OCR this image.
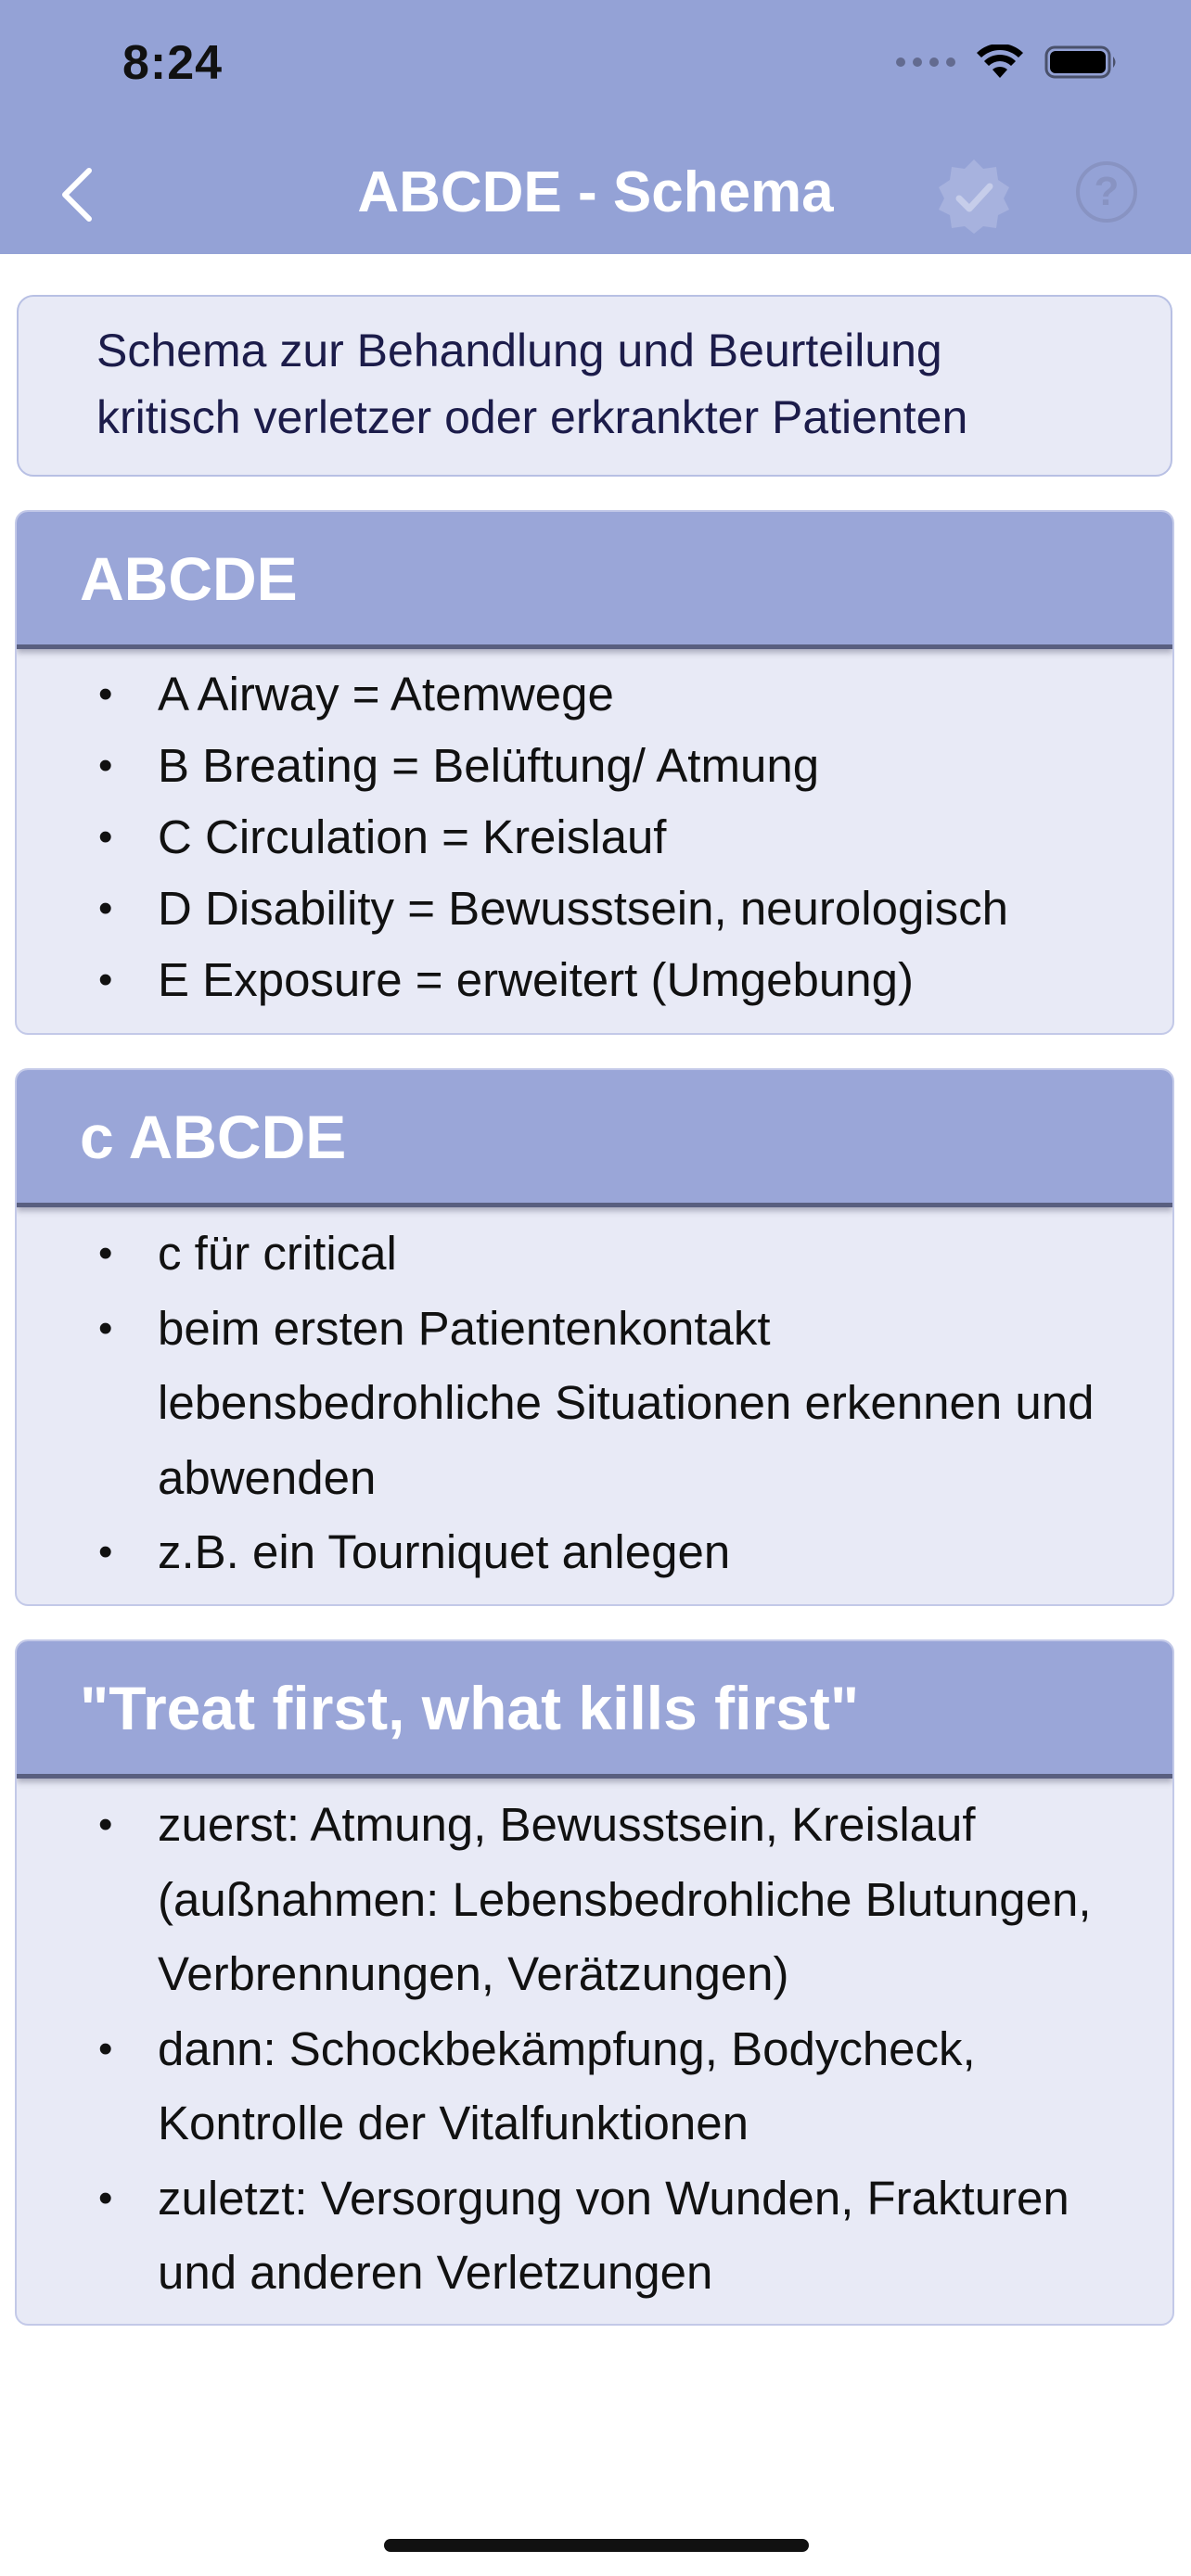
8:24
ABCDE - Schema	?
Schema zur Behandlung und Beurteilung
kritisch verletzer oder erkrankter Patienten
ABCDE
• A Airway = Atemwege
• B Breating = Belüftung/ Atmung
• C Circulation = Kreislauf
• D Disability = Bewusstsein, neurologisch
• E Exposure = erweitert (Umgebung)
c ABCDE
• c für critical
• beim ersten Patientenkontakt lebensbedrohliche Situationen erkennen und abwenden
• z.B. ein Tourniquet anlegen
"Treat first, what kills first"
• zuerst: Atmung, Bewusstsein, Kreislauf (außnahmen: Lebensbedrohliche Blutungen, Verbrennungen, Verätzungen)
• dann: Schockbekämpfung, Bodycheck, Kontrolle der Vitalfunktionen
• zuletzt: Versorgung von Wunden, Frakturen und anderen Verletzungen
